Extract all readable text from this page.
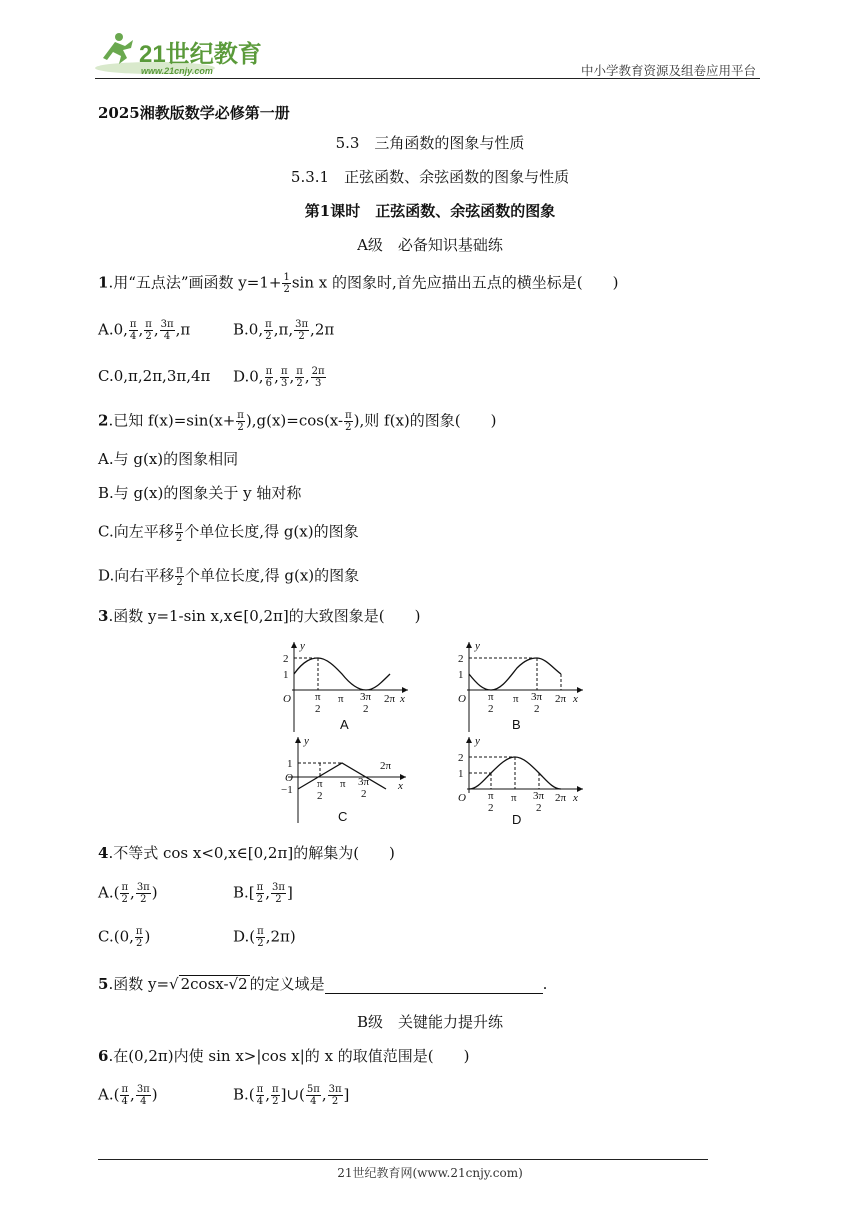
21世纪教育
www.21cnjy.com	中小学教育资源及组卷应用平台
2025湘教版数学必修第一册
5.3　三角函数的图象与性质
5.3.1　正弦函数、余弦函数的图象与性质
第1课时　正弦函数、余弦函数的图象
A级　必备知识基础练
1.用“五点法”画函数 $y=1+ \frac{1}{2}$ sin x 的图象时,首先应描出五点的横坐标是(　　)
A.0, $\frac{\pi}{4}$ , $\frac{\pi}{2}$ , $\frac{3\pi}{4} ,\pi$	B.0, $\frac{\pi}{2} ,\pi$, $\frac{3\pi}{2} ,2\pi$
C.0,π,2π,3π,4π D.0, $\frac{\pi}{6}$ , $\frac{\pi}{3}$ , $\frac{\pi}{2}$ , $\frac{2\pi}{3}$
2.已知 $f(x)=\sin(x+ \frac{\pi}{2} ),g(x)=\cos(x- \frac{\pi}{2}$ ),则 f(x)的图象(　　)
A.与 g(x)的图象相同
B.与 g(x)的图象关于 y 轴对称
C.向左平移 $\frac{\pi}{2}$ 个单位长度,得 g(x)的图象
D.向右平移 $\frac{\pi}{2}$ 个单位长度,得 g(x)的图象
3.函数 y=1-sin x,x∈[0,2π]的大致图象是(　　)
y
2
1
O π
2
π 3π
2
2π x
A
y
2
1
O π
2
π 3π
2
2π x
B
y
1
O
−1 π
2
π 3π
2
2π
x
C
y
2
1
O π
2
π 3π
2
2π x
D
4.不等式 cos x<0,x∈[0,2π]的解集为(　　)
$A.( \frac{\pi}{2}$ , $\frac{3\pi}{2}$ )	$B.[ \frac{\pi}{2}$ , $\frac{3\pi}{2}$ ]
C.(0, $\frac{\pi}{2}$ )	$D.( \frac{\pi}{2} ,2\pi)$
5.函数 y=√ 2cosx-√2 的定义域是	.
B级　关键能力提升练
6.在(0,2π)内使 sin x>|cos x|的 x 的取值范围是(　　)
$A.( \frac{\pi}{4}$ , $\frac{3\pi}{4}$ )	$B.( \frac{\pi}{4}$ , $\frac{\pi}{2}$ ]∪( $\frac{5\pi}{4}$ , $\frac{3\pi}{2}$ ]
21世纪教育网(www.21cnjy.com)
